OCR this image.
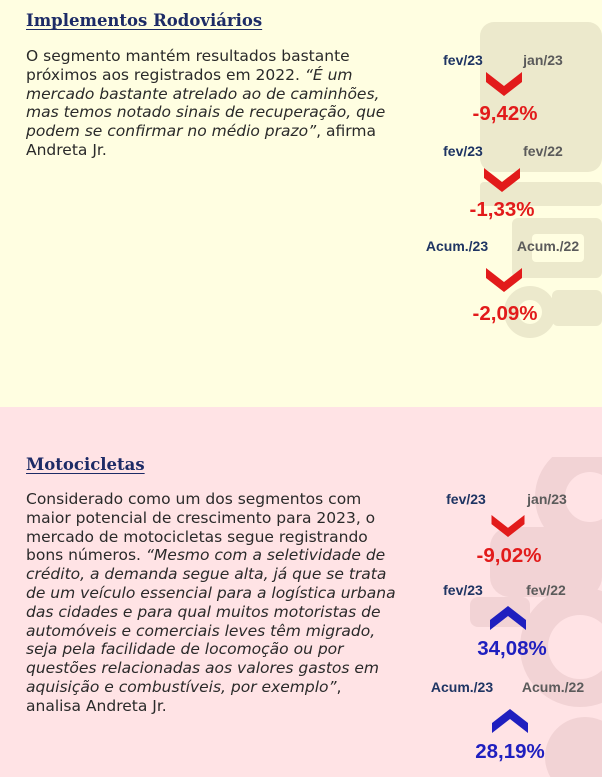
Implementos Rodoviários

O segmento mantém resultados bastante próximos aos registrados em 2022. “É um mercado bastante atrelado ao de caminhões, mas temos notado sinais de recuperação, que podem se confirmar no médio prazo”, afirma Andreta Jr.

fev/23	jan/23
-9,42%
fev/23	fev/22
-1,33%
Acum./23	Acum./22
-2,09%
Motocicletas

Considerado como um dos segmentos com maior potencial de crescimento para 2023, o mercado de motocicletas segue registrando bons números. “Mesmo com a seletividade de crédito, a demanda segue alta, já que se trata de um veículo essencial para a logística urbana das cidades e para qual muitos motoristas de automóveis e comerciais leves têm migrado, seja pela facilidade de locomoção ou por questões relacionadas aos valores gastos em aquisição e combustíveis, por exemplo”, analisa Andreta Jr.

fev/23	jan/23
-9,02%
fev/23	fev/22
34,08%
Acum./23	Acum./22
28,19%
